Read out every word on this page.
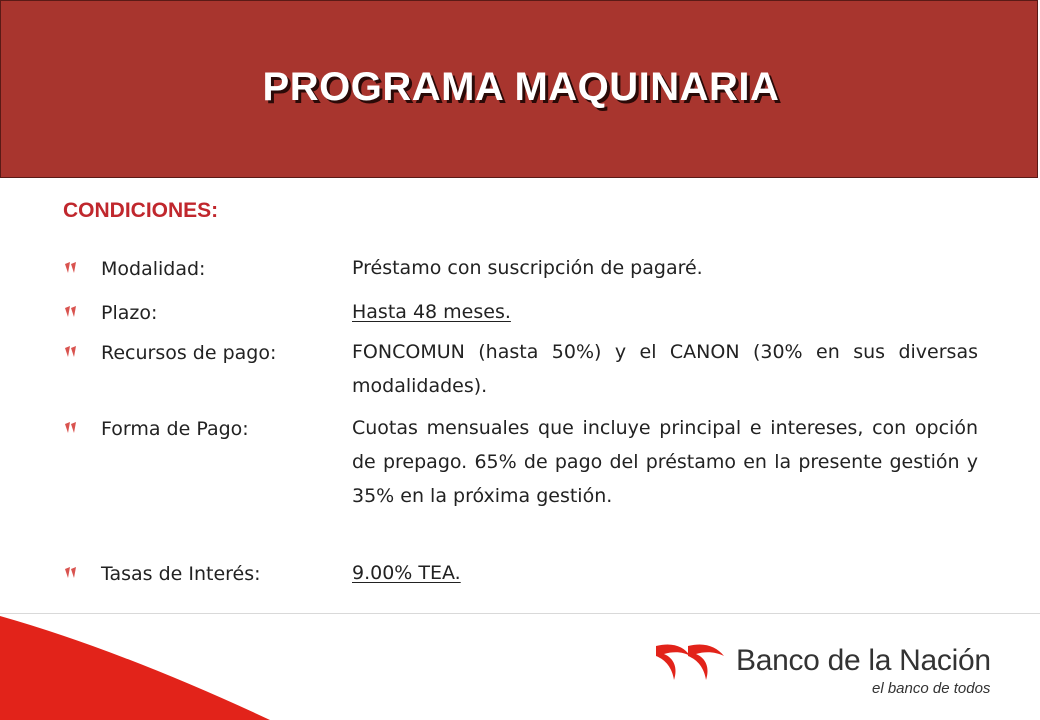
PROGRAMA MAQUINARIA
CONDICIONES:
Modalidad:	Préstamo con suscripción de pagaré.
Plazo:	Hasta 48 meses.
Recursos de pago:	FONCOMUN (hasta 50%) y el CANON (30% en sus diversas modalidades).
Forma de Pago:	Cuotas mensuales que incluye principal e intereses, con opción de prepago. 65% de pago del préstamo en la presente gestión y 35% en la próxima gestión.
Tasas de Interés:	9.00% TEA.
Banco de la Nación
el banco de todos
